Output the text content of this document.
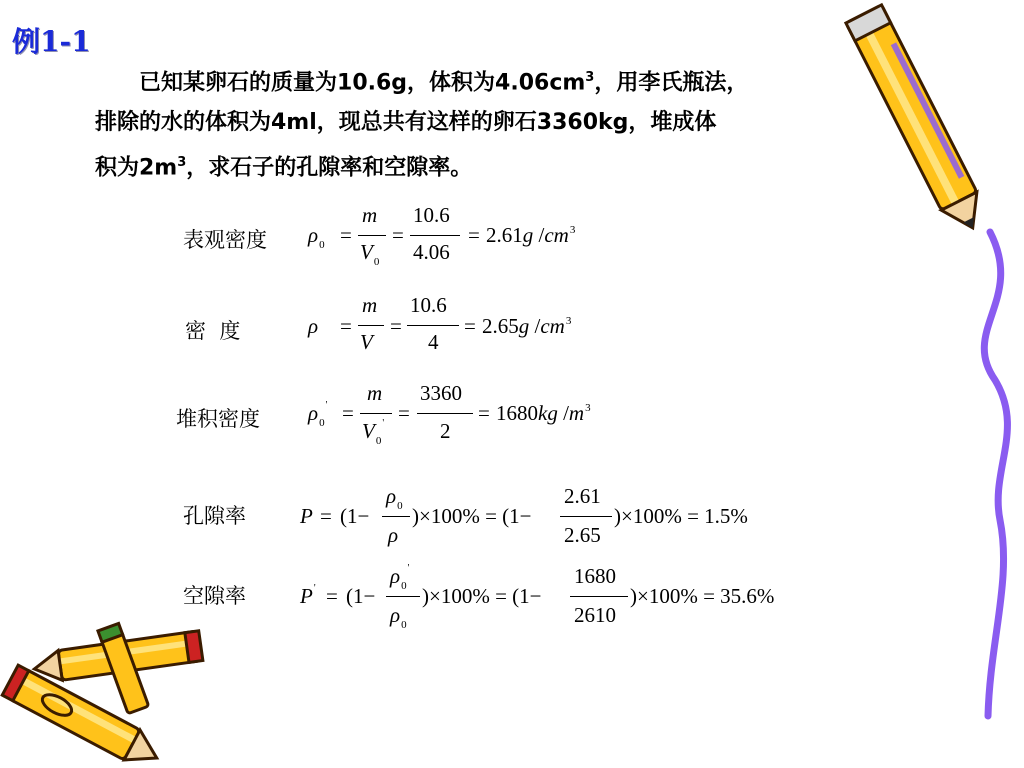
例1-1

　　已知某卵石的质量为10.6g，体积为$4.06cm^3$，用李氏瓶法，

排除的水的体积为4ml，现总共有这样的卵石3360kg，堆成体

积为$2m^3$，求石子的孔隙率和空隙率。

表观密度 $\rho_0$ =
m
$V_0$
=
10.6
4.06
= 2.61g $/cm^3$
密  度	ρ =
m
V
=
10.6
4
= 2.65g $/cm^3$
堆积密度 $\rho_0'$ =
m
$V_0'$ =
3360
2
= 1680kg $/m^3$
孔隙率	P = (1−
$\rho_0$
ρ
)×100% = (1−
2.61
2.65
)×100% = 1.5%
空隙率	P' = (1−
$\rho_0'$
$\rho_0$
)×100% = (1−
1680
2610
)×100% = 35.6%
